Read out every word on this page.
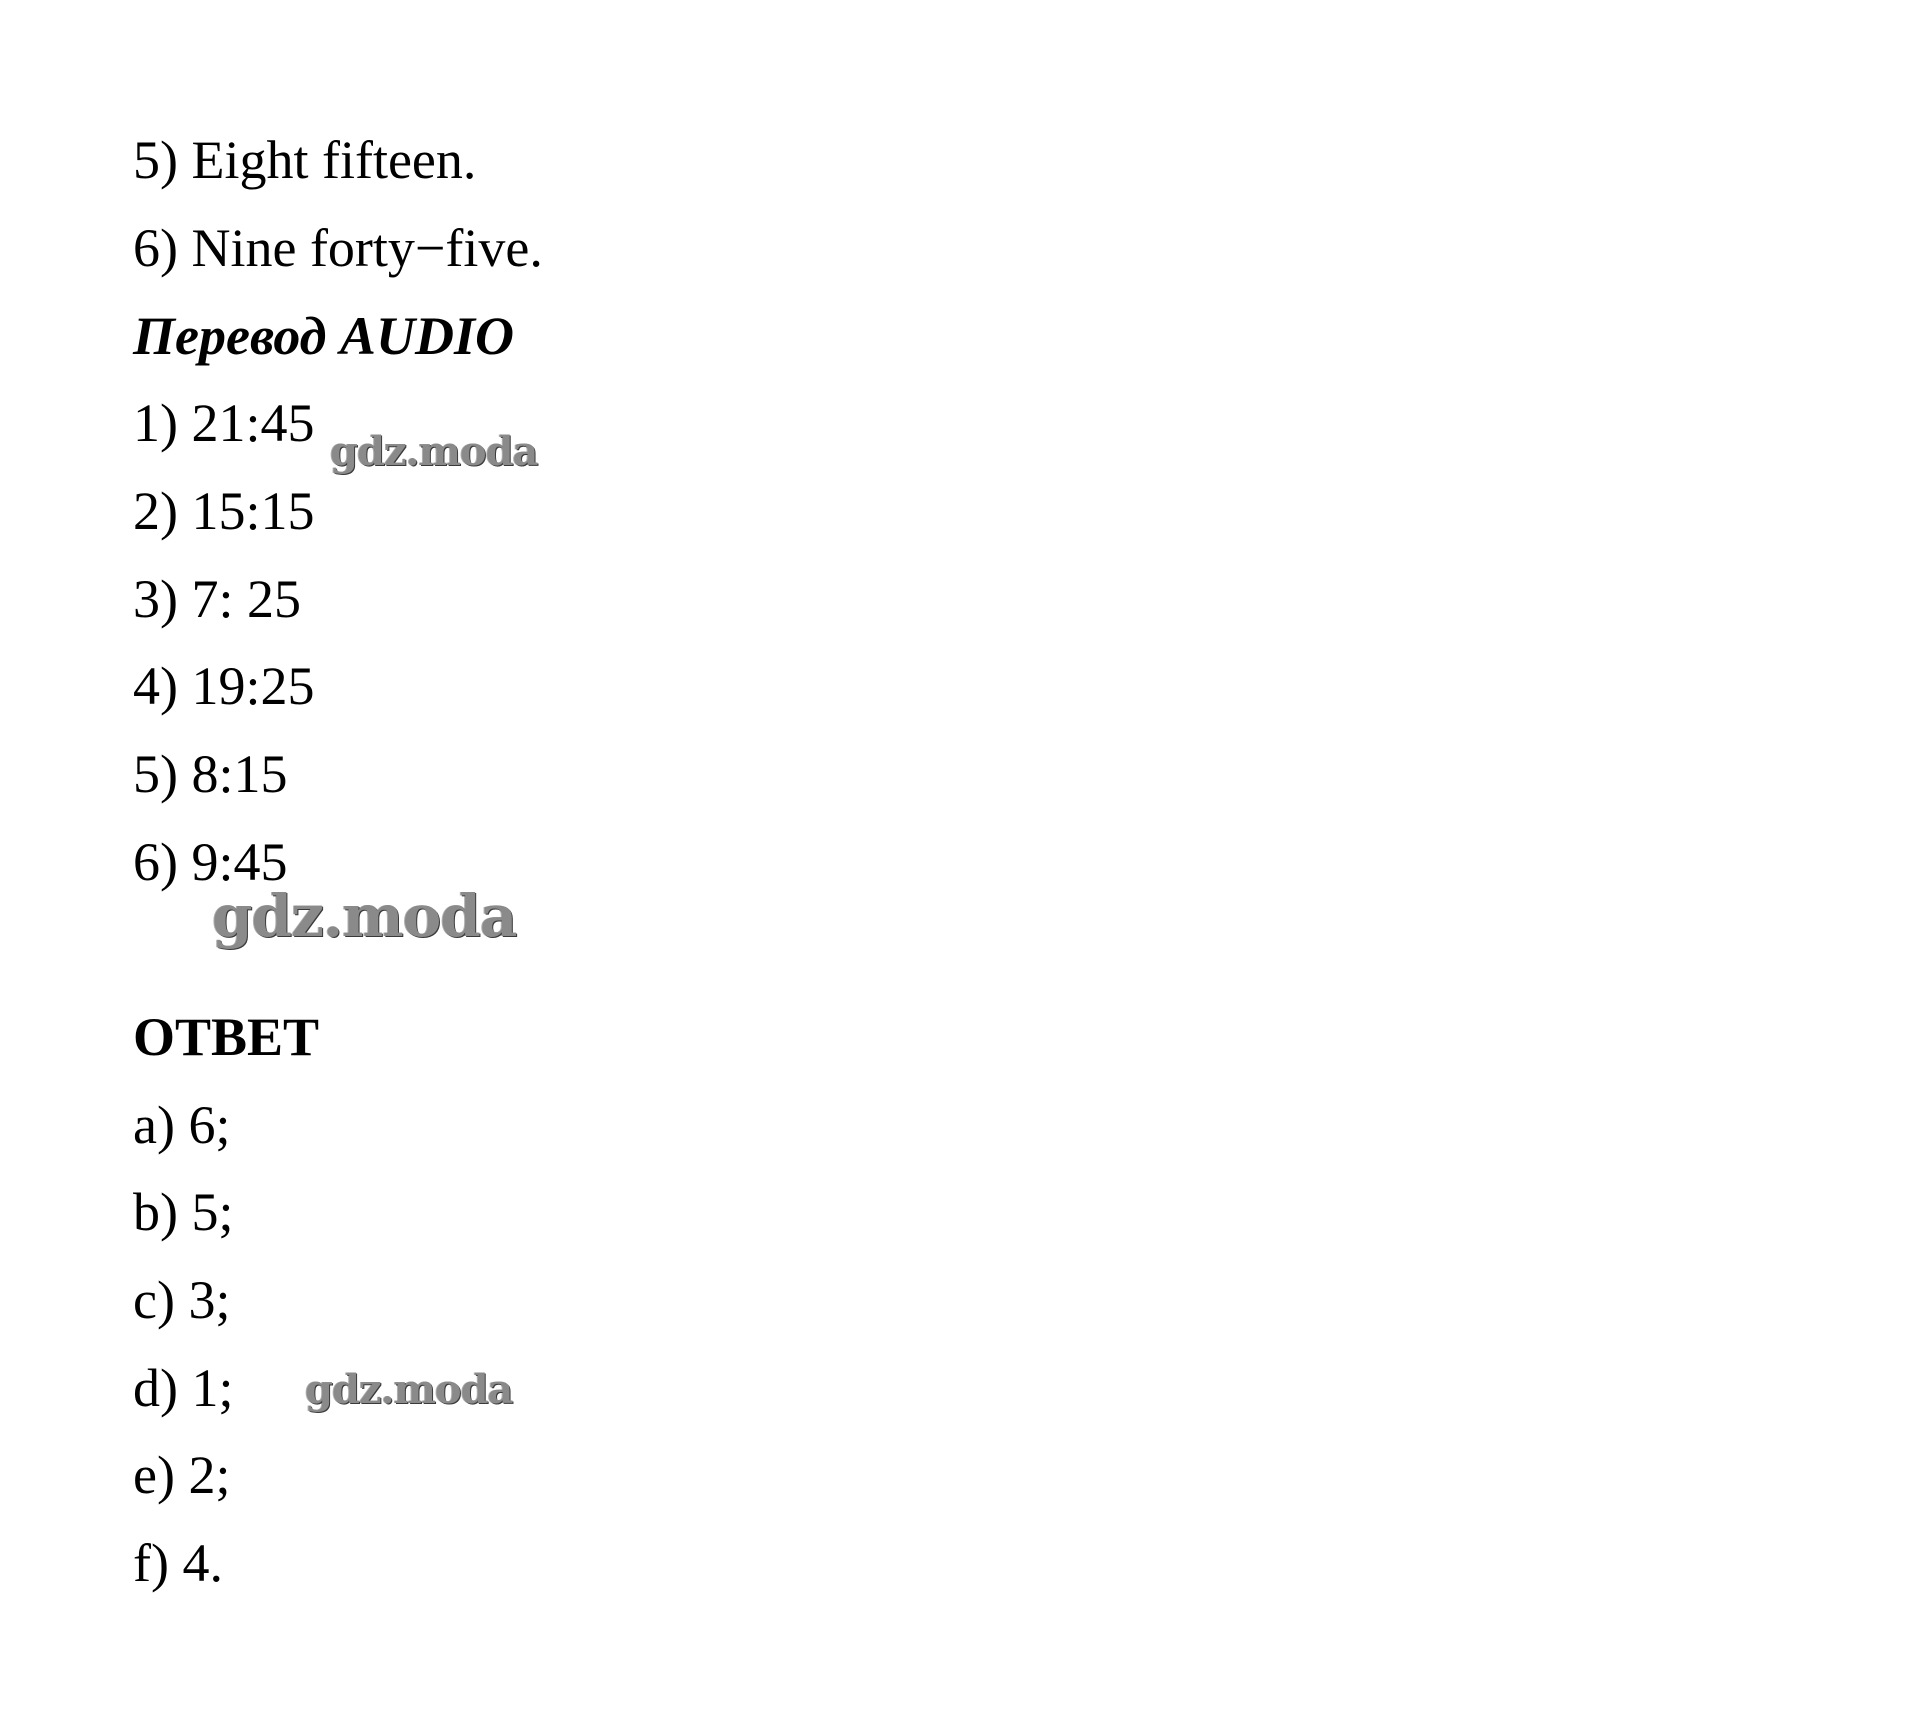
5) Eight fifteen.
6) Nine forty−five.
Перевод AUDIO
1) 21:45
2) 15:15
3) 7: 25
4) 19:25
5) 8:15
6) 9:45
ОТВЕТ
a) 6;
b) 5;
c) 3;
d) 1;
e) 2;
f) 4.
gdz.moda
gdz.moda
gdz.moda
